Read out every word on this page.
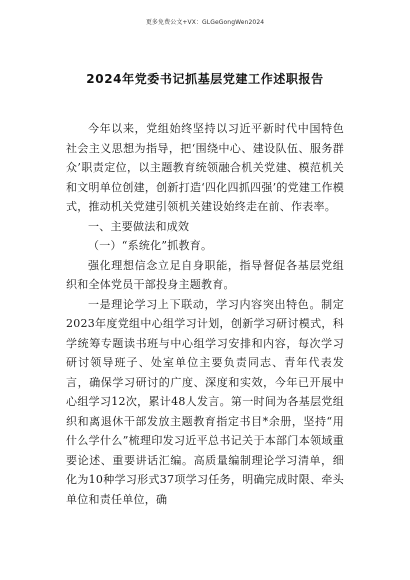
更多免费公文+VX：GLGeGongWen2024
2024年党委书记抓基层党建工作述职报告

今年以来，党组始终坚持以习近平新时代中国特色社会主义思想为指导，把‘围绕中心、建设队伍、服务群众’职责定位，以主题教育统领融合机关党建、模范机关和文明单位创建，创新打造‘四化四抓四强’的党建工作模式，推动机关党建引领机关建设始终走在前、作表率。

一、主要做法和成效

（一）“系统化”抓教育。

强化理想信念立足自身职能，指导督促各基层党组织和全体党员干部投身主题教育。

一是理论学习上下联动，学习内容突出特色。制定2023年度党组中心组学习计划，创新学习研讨模式，科学统筹专题读书班与中心组学习安排和内容，每次学习研讨领导班子、处室单位主要负责同志、青年代表发言，确保学习研讨的广度、深度和实效，今年已开展中心组学习12次，累计48人发言。第一时间为各基层党组织和离退休干部发放主题教育指定书目*余册，坚持“用什么学什么”梳理印发习近平总书记关于本部门本领域重要论述、重要讲话汇编。高质量编制理论学习清单，细化为10种学习形式37项学习任务，明确完成时限、牵头单位和责任单位，确
